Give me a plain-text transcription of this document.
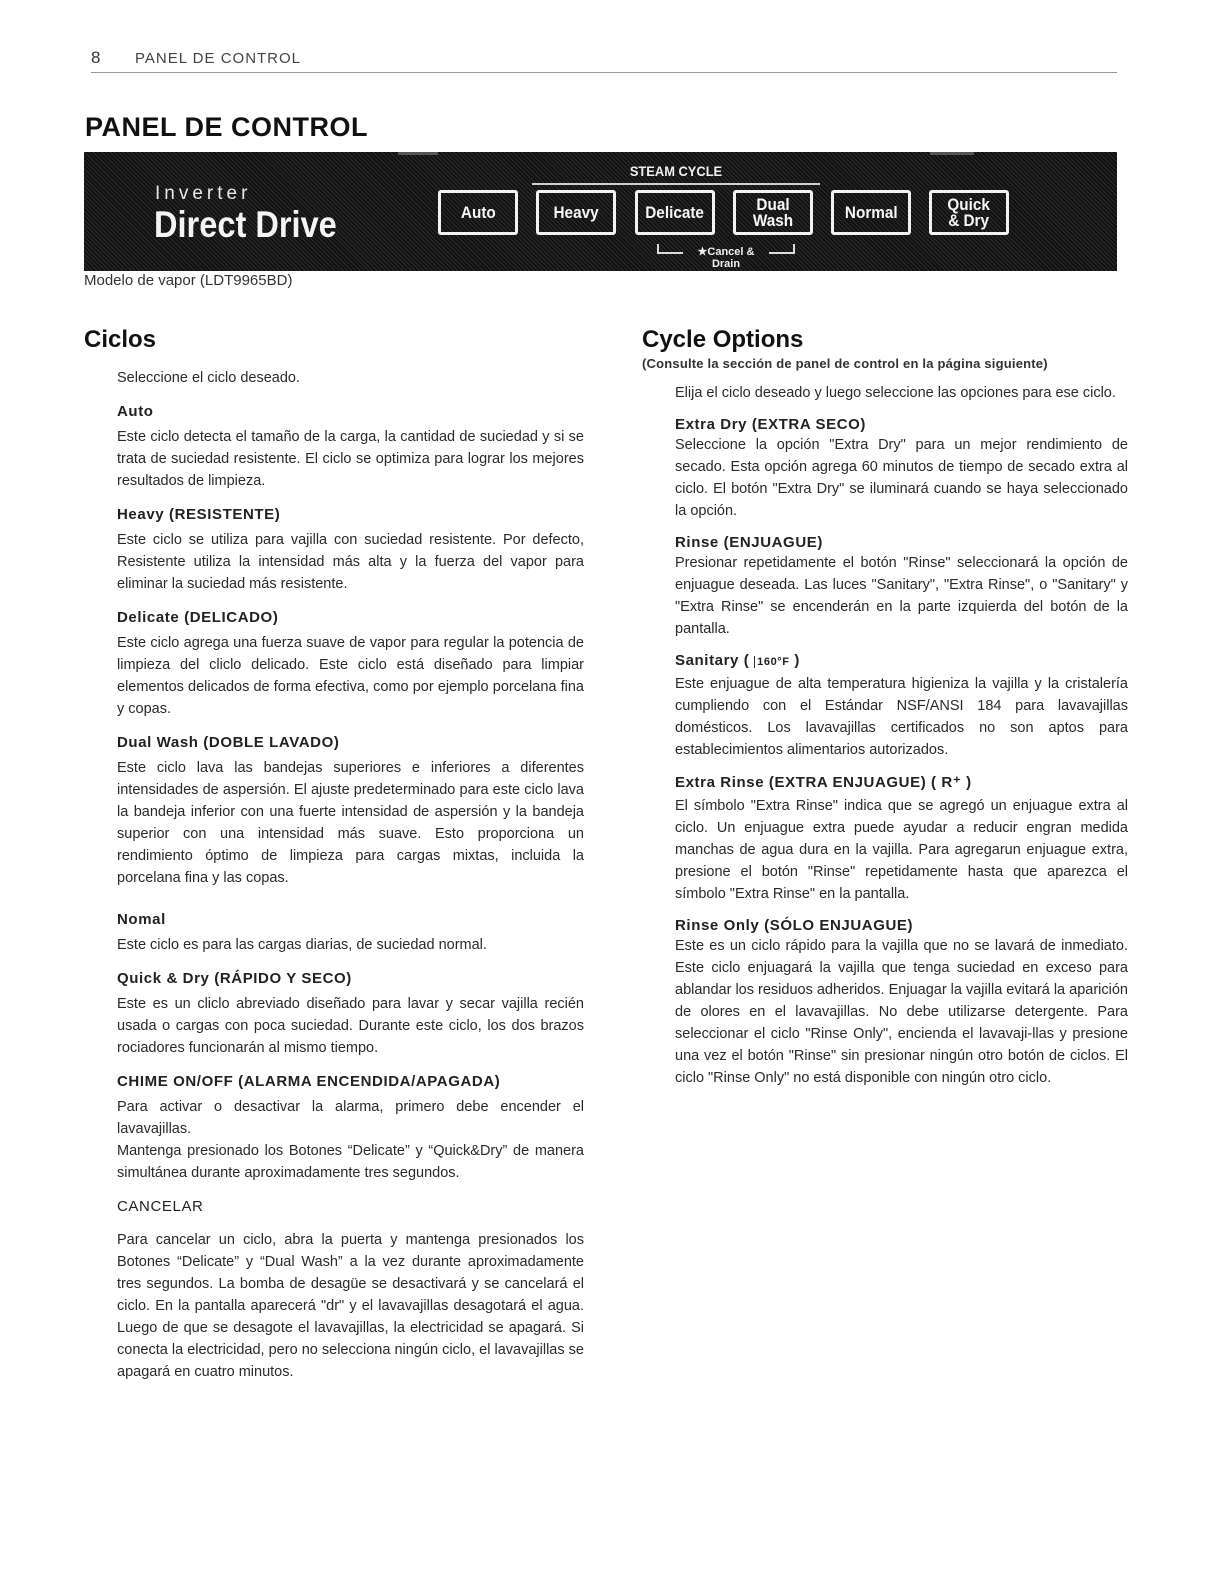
8 PANEL DE CONTROL
PANEL DE CONTROL
Inverter
Direct Drive
STEAM CYCLE
Auto	Heavy	Delicate	Dual Wash	Normal	Quick
& Dry
★Cancel & Drain
Modelo de vapor (LDT9965BD)
Ciclos

Seleccione el ciclo deseado.

Auto

Este ciclo detecta el tamaño de la carga, la cantidad de suciedad y si se trata de suciedad resistente. El ciclo se optimiza para lograr los mejores resultados de limpieza.

Heavy (RESISTENTE)

Este ciclo se utiliza para vajilla con suciedad resistente. Por defecto, Resistente utiliza la intensidad más alta y la fuerza del vapor para eliminar la suciedad más resistente.

Delicate (DELICADO)

Este ciclo agrega una fuerza suave de vapor para regular la potencia de limpieza del cliclo delicado. Este ciclo está diseñado para limpiar elementos delicados de forma efectiva, como por ejemplo porcelana fina y copas.

Dual Wash (DOBLE LAVADO)

Este ciclo lava las bandejas superiores e inferiores a diferentes intensidades de aspersión. El ajuste predeterminado para este ciclo lava la bandeja inferior con una fuerte intensidad de aspersión y la bandeja superior con una intensidad más suave. Esto proporciona un rendimiento óptimo de limpieza para cargas mixtas, incluida la porcelana fina y las copas.

Nomal

Este ciclo es para las cargas diarias, de suciedad normal.

Quick & Dry (RÁPIDO Y SECO)

Este es un cliclo abreviado diseñado para lavar y secar vajilla recién usada o cargas con poca suciedad. Durante este ciclo, los dos brazos rociadores funcionarán al mismo tiempo.

CHIME ON/OFF (ALARMA ENCENDIDA/APAGADA)

Para activar o desactivar la alarma, primero debe encender el lavavajillas.

Mantenga presionado los Botones “Delicate” y “Quick&Dry” de manera simultánea durante aproximadamente tres segundos.

CANCELAR

Para cancelar un ciclo, abra la puerta y mantenga presionados los Botones “Delicate” y “Dual Wash” a la vez durante aproximadamente tres segundos. La bomba de desagüe se desactivará y se cancelará el ciclo. En la pantalla aparecerá "dr" y el lavavajillas desagotará el agua. Luego de que se desagote el lavavajillas, la electricidad se apagará. Si conecta la electricidad, pero no selecciona ningún ciclo, el lavavajillas se apagará en cuatro minutos.

Cycle Options
(Consulte la sección de panel de control en la página siguiente)

Elija el ciclo deseado y luego seleccione las opciones para ese ciclo.

Extra Dry (EXTRA SECO)

Seleccione la opción "Extra Dry" para un mejor rendimiento de secado. Esta opción agrega 60 minutos de tiempo de secado extra al ciclo. El botón "Extra Dry" se iluminará cuando se haya seleccionado la opción.

Rinse (ENJUAGUE)

Presionar repetidamente el botón "Rinse" seleccionará la opción de enjuague deseada. Las luces "Sanitary", "Extra Rinse", o "Sanitary" y "Extra Rinse" se encenderán en la parte izquierda del botón de la pantalla.

Sanitary ( 160°F )

Este enjuague de alta temperatura higieniza la vajilla y la cristalería cumpliendo con el Estándar NSF/ANSI 184 para lavavajillas domésticos. Los lavavajillas certificados no son aptos para establecimientos alimentarios autorizados.

Extra Rinse (EXTRA ENJUAGUE) ( R⁺ )

El símbolo "Extra Rinse" indica que se agregó un enjuague extra al ciclo. Un enjuague extra puede ayudar a reducir engran medida manchas de agua dura en la vajilla. Para agregarun enjuague extra, presione el botón "Rinse" repetidamente hasta que aparezca el símbolo "Extra Rinse" en la pantalla.

Rinse Only (SÓLO ENJUAGUE)

Este es un ciclo rápido para la vajilla que no se lavará de inmediato. Este ciclo enjuagará la vajilla que tenga suciedad en exceso para ablandar los residuos adheridos. Enjuagar la vajilla evitará la aparición de olores en el lavavajillas. No debe utilizarse detergente. Para seleccionar el ciclo "Rinse Only", encienda el lavavaji-llas y presione una vez el botón "Rinse" sin presionar ningún otro botón de ciclos. El ciclo "Rinse Only" no está disponible con ningún otro ciclo.
